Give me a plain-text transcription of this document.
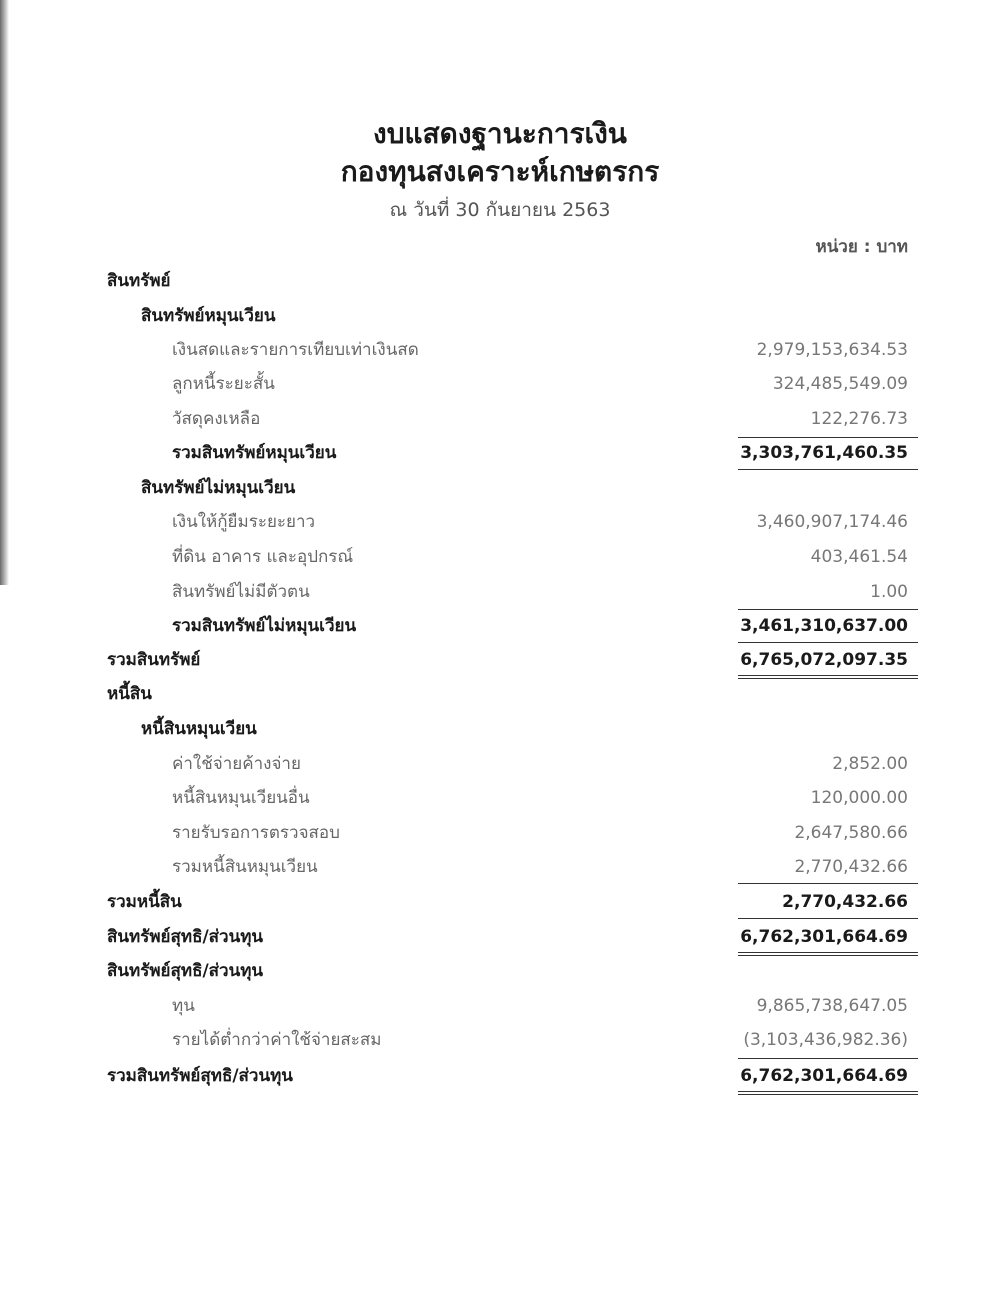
งบแสดงฐานะการเงิน
กองทุนสงเคราะห์เกษตรกร
ณ วันที่ 30 กันยายน 2563
หน่วย : บาท
สินทรัพย์
สินทรัพย์หมุนเวียน
เงินสดและรายการเทียบเท่าเงินสด	2,979,153,634.53
ลูกหนี้ระยะสั้น	324,485,549.09
วัสดุคงเหลือ	122,276.73
รวมสินทรัพย์หมุนเวียน	3,303,761,460.35
สินทรัพย์ไม่หมุนเวียน
เงินให้กู้ยืมระยะยาว	3,460,907,174.46
ที่ดิน อาคาร และอุปกรณ์	403,461.54
สินทรัพย์ไม่มีตัวตน	1.00
รวมสินทรัพย์ไม่หมุนเวียน	3,461,310,637.00
รวมสินทรัพย์	6,765,072,097.35
หนี้สิน
หนี้สินหมุนเวียน
ค่าใช้จ่ายค้างจ่าย	2,852.00
หนี้สินหมุนเวียนอื่น	120,000.00
รายรับรอการตรวจสอบ	2,647,580.66
รวมหนี้สินหมุนเวียน	2,770,432.66
รวมหนี้สิน	2,770,432.66
สินทรัพย์สุทธิ/ส่วนทุน	6,762,301,664.69
สินทรัพย์สุทธิ/ส่วนทุน
ทุน	9,865,738,647.05
รายได้ต่ำกว่าค่าใช้จ่ายสะสม	(3,103,436,982.36)
รวมสินทรัพย์สุทธิ/ส่วนทุน	6,762,301,664.69
